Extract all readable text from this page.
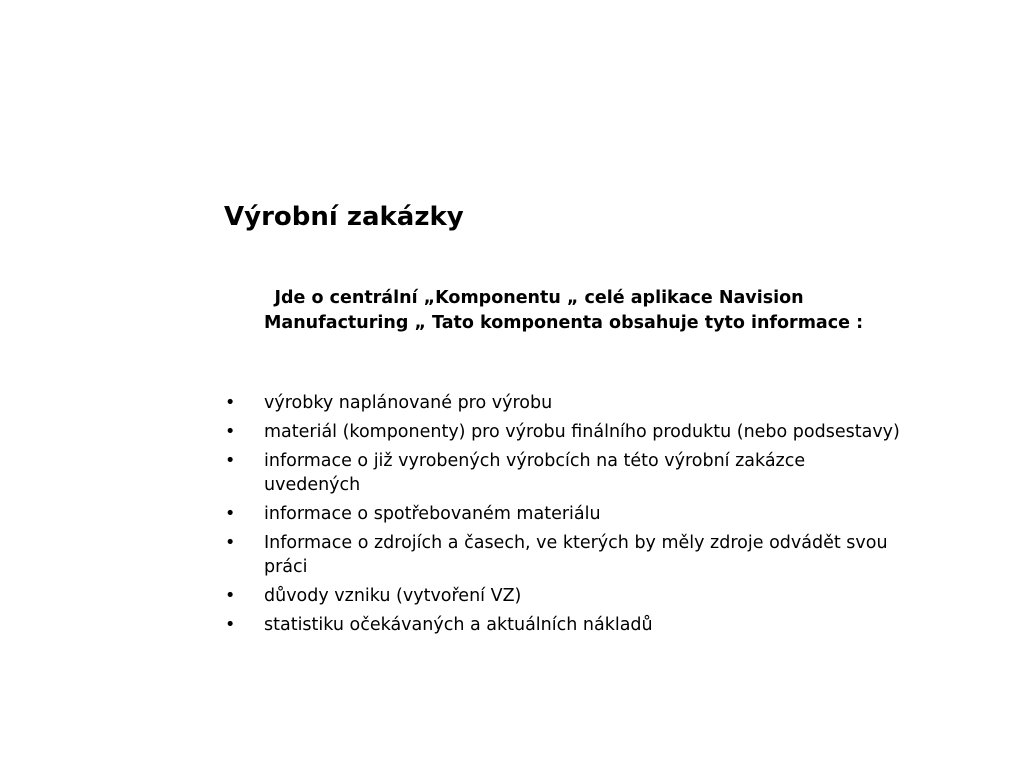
Výrobní zakázky

Jde o centrální „Komponentu „ celé aplikace Navision Manufacturing „ Tato komponenta obsahuje tyto informace :

• výrobky naplánované pro výrobu
• materiál (komponenty) pro výrobu finálního produktu (nebo podsestavy)
• informace o již vyrobených výrobcích na této výrobní zakázce uvedených
• informace o spotřebovaném materiálu
• Informace o zdrojích a časech, ve kterých by měly zdroje odvádět svou práci
• důvody vzniku (vytvoření VZ)
• statistiku očekávaných a aktuálních nákladů
